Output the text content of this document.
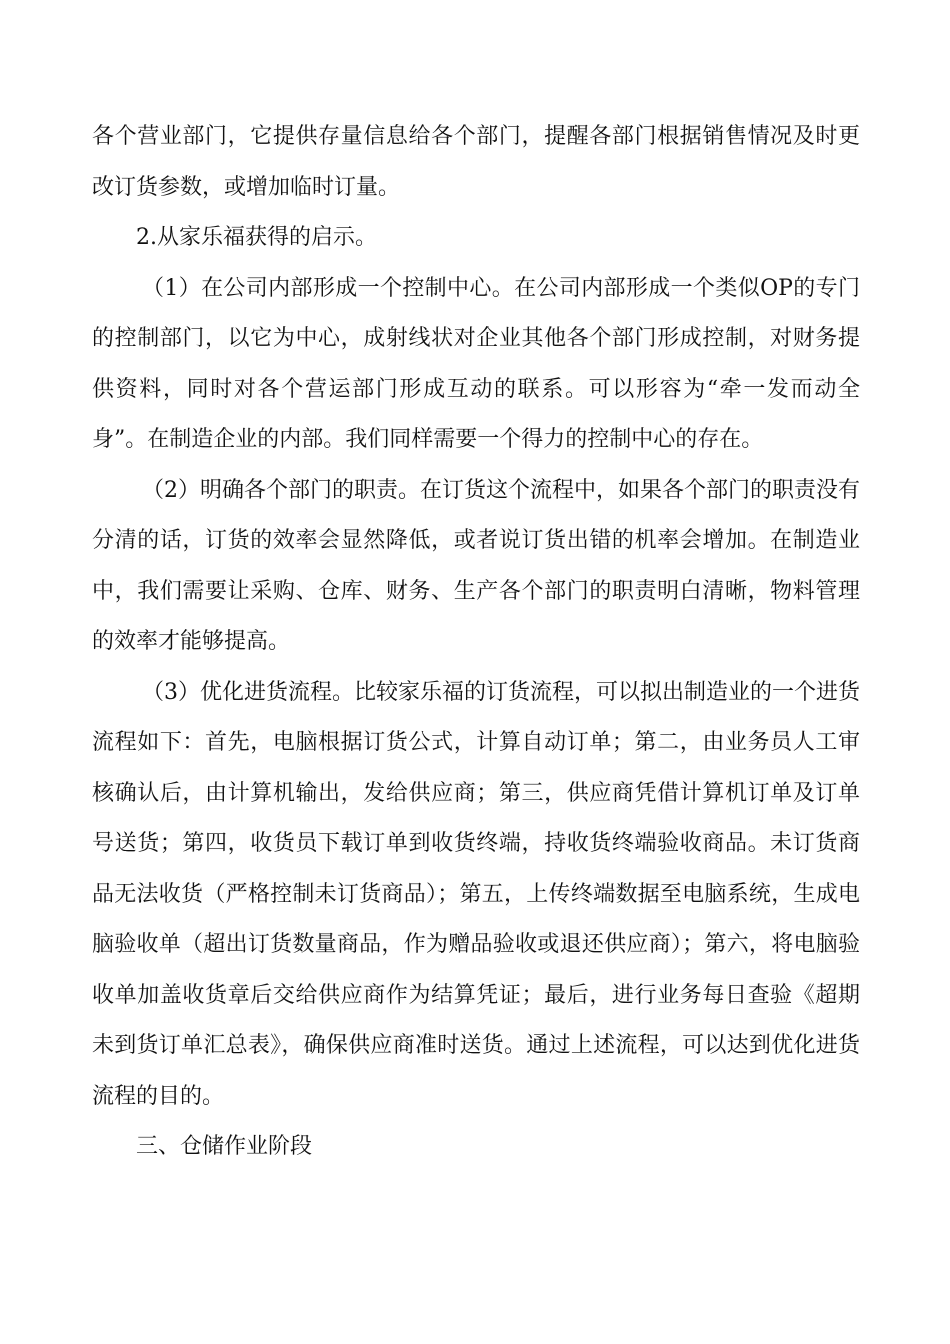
各个营业部门，它提供存量信息给各个部门，提醒各部门根据销售情况及时更改订货参数，或增加临时订量。

2.从家乐福获得的启示。

（1）在公司内部形成一个控制中心。在公司内部形成一个类似OP的专门的控制部门，以它为中心，成射线状对企业其他各个部门形成控制，对财务提供资料，同时对各个营运部门形成互动的联系。可以形容为“牵一发而动全身”。在制造企业的内部。我们同样需要一个得力的控制中心的存在。

（2）明确各个部门的职责。在订货这个流程中，如果各个部门的职责没有分清的话，订货的效率会显然降低，或者说订货出错的机率会增加。在制造业中，我们需要让采购、仓库、财务、生产各个部门的职责明白清晰，物料管理的效率才能够提高。

（3）优化进货流程。比较家乐福的订货流程，可以拟出制造业的一个进货流程如下：首先，电脑根据订货公式，计算自动订单；第二，由业务员人工审核确认后，由计算机输出，发给供应商；第三，供应商凭借计算机订单及订单号送货；第四，收货员下载订单到收货终端，持收货终端验收商品。未订货商品无法收货（严格控制未订货商品）；第五，上传终端数据至电脑系统，生成电脑验收单（超出订货数量商品，作为赠品验收或退还供应商）；第六，将电脑验收单加盖收货章后交给供应商作为结算凭证；最后，进行业务每日查验《超期未到货订单汇总表》，确保供应商准时送货。通过上述流程，可以达到优化进货流程的目的。

三、仓储作业阶段
